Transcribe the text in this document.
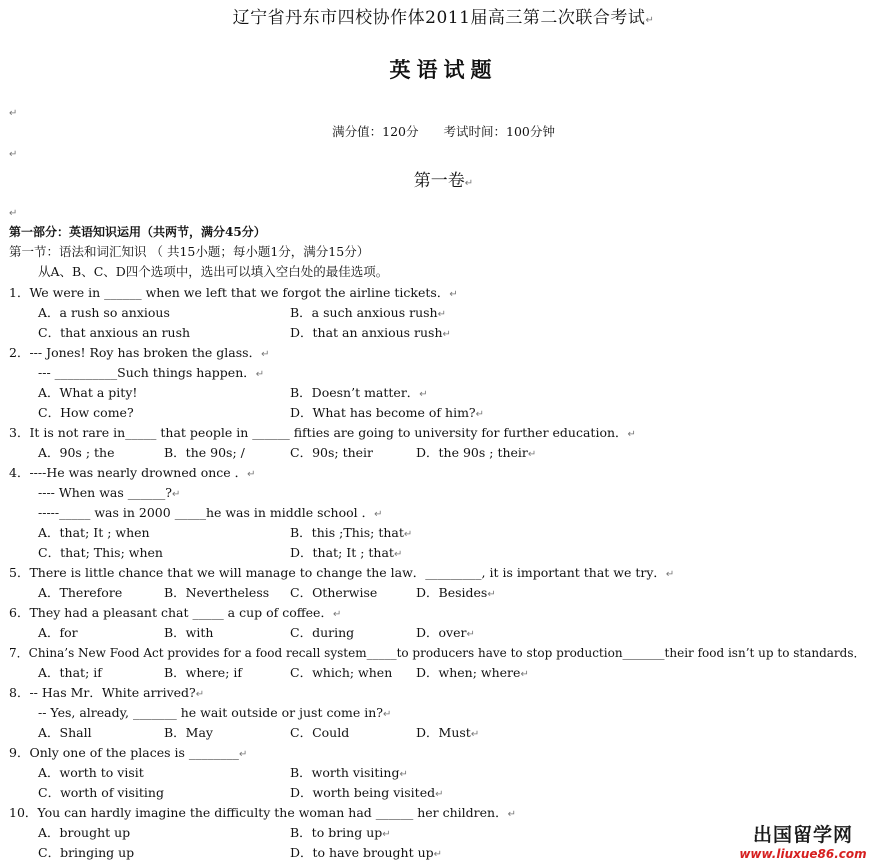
辽宁省丹东市四校协作体2011届高三第二次联合考试↵
英语试题
↵
满分值：120分　　考试时间：100分钟
↵
第一卷↵
↵
第一部分：英语知识运用（共两节，满分45分）
第一节：语法和词汇知识 （ 共15小题；每小题1分，满分15分）
从A、B、C、D四个选项中，选出可以填入空白处的最佳选项。
1．We were in ______ when we left that we forgot the airline tickets．↵
A．a rush so anxious	B．a such anxious rush↵
C．that anxious an rush	D．that an anxious rush↵
2．--- Jones! Roy has broken the glass．↵
--- __________Such things happen．↵
A．What a pity!	B．Doesn’t matter．↵
C．How come?	D．What has become of him?↵
3．It is not rare in_____ that people in ______ fifties are going to university for further education．↵
A．90s ; the	B．the 90s; /	C．90s; their	D．the 90s ; their↵
4．----He was nearly drowned once ．↵
---- When was ______?↵
-----_____ was in 2000 _____he was in middle school ．↵
A．that; It ; when	B．this ;This; that↵
C．that; This; when	D．that; It ; that↵
5．There is little chance that we will manage to change the law．_________, it is important that we try．↵
A．Therefore	B．Nevertheless C．Otherwise	D．Besides↵
6．They had a pleasant chat _____ a cup of coffee．↵
A．for	B．with	C．during	D．over↵
7．China’s New Food Act provides for a food recall system_____to producers have to stop production_______their food isn’t up to standards．
A．that; if	B．where; if	C．which; when D．when; where↵
8．-- Has Mr．White arrived?↵
-- Yes, already, _______ he wait outside or just come in?↵
A．Shall	B．May	C．Could	D．Must↵
9．Only one of the places is ________↵
A．worth to visit	B．worth visiting↵
C．worth of visiting	D．worth being visited↵
10．You can hardly imagine the difficulty the woman had ______ her children．↵
A．brought up	B．to bring up↵
C．bringing up	D．to have brought up↵
出国留学网
www.liuxue86.com
